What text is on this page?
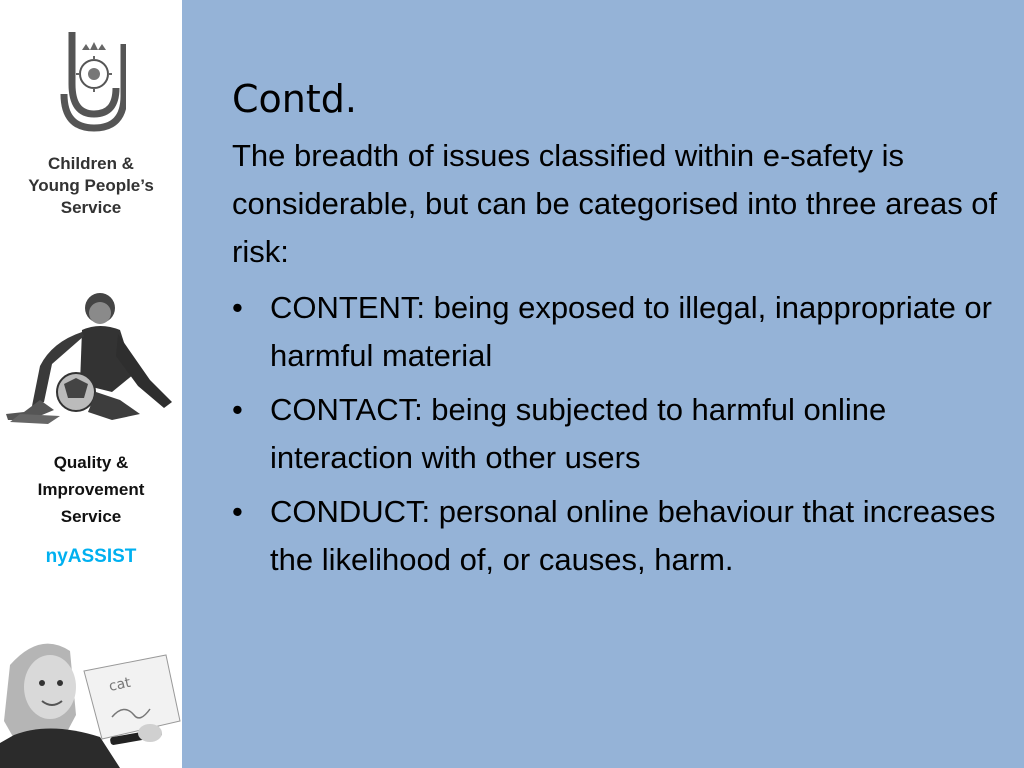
Children &
Young People’s
Service
Quality &
Improvement
Service
nyASSIST
cat
Contd.
The breadth of issues classified within e-safety is considerable, but can be categorised into three areas of risk:
• CONTENT: being exposed to illegal, inappropriate or harmful material
• CONTACT: being subjected to harmful online interaction with other users
• CONDUCT: personal online behaviour that increases the likelihood of, or causes, harm.
